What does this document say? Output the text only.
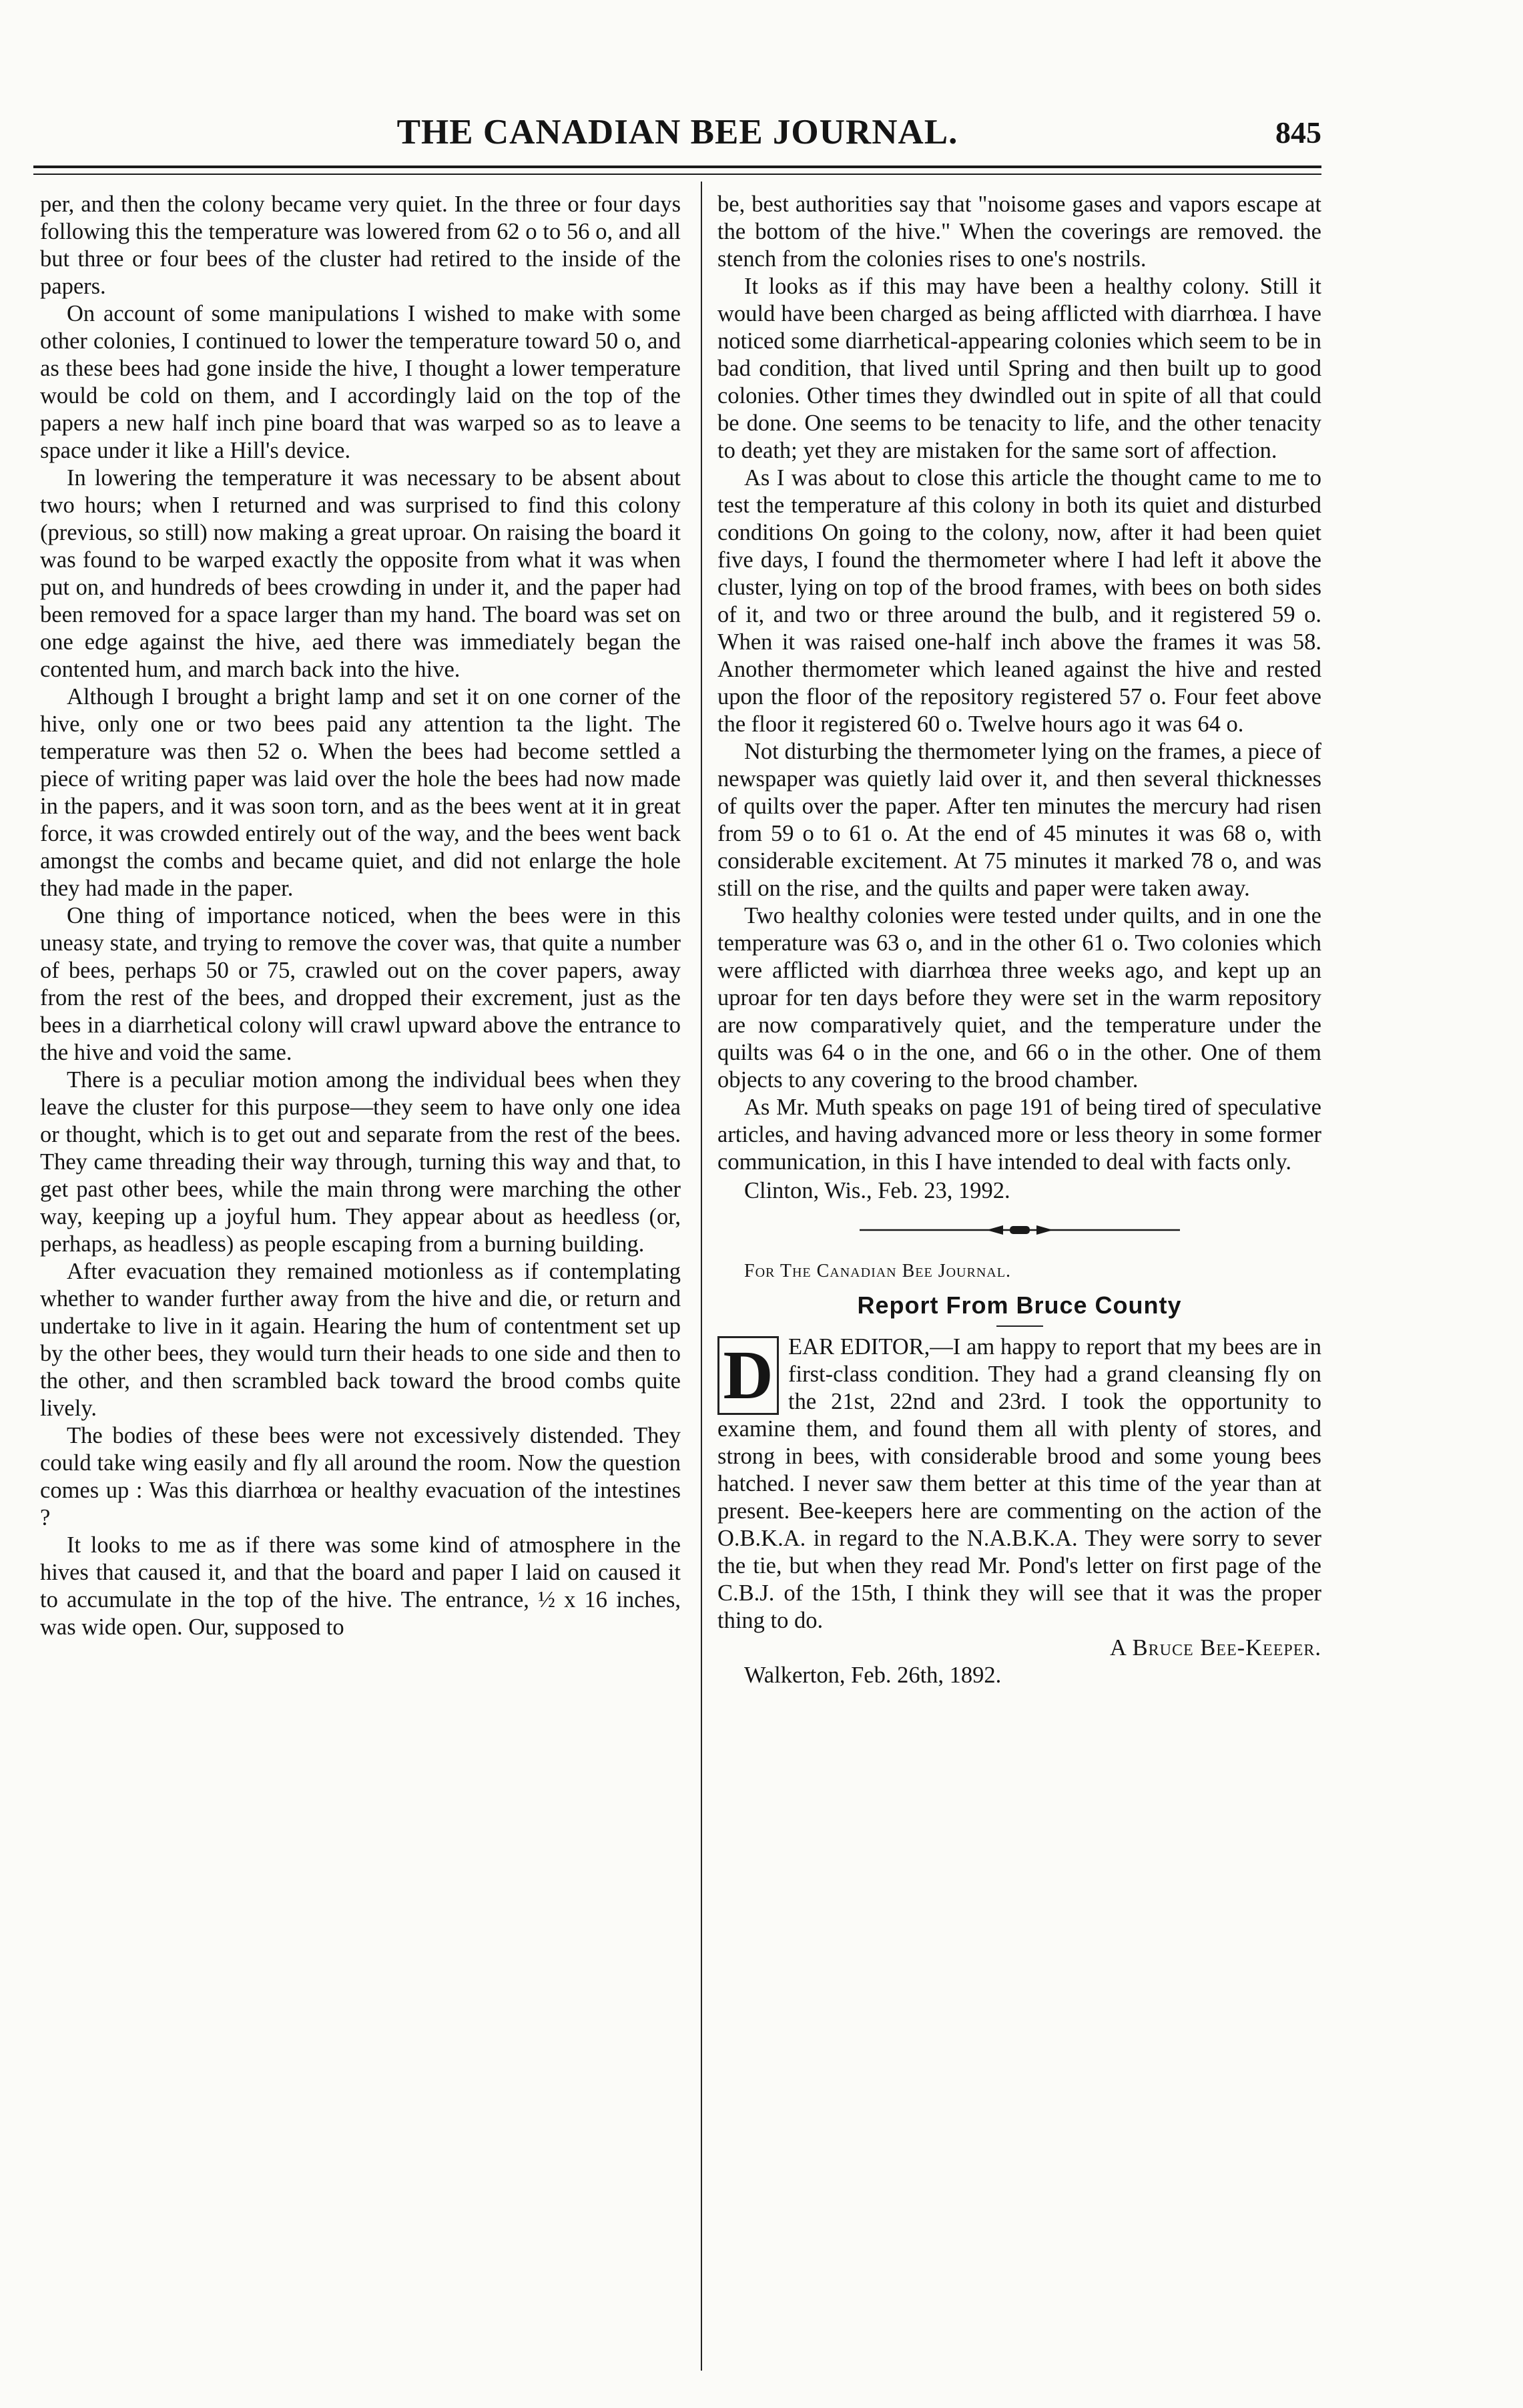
THE CANADIAN BEE JOURNAL.	845

per, and then the colony became very quiet. In the three or four days following this the temperature was lowered from 62 o to 56 o, and all but three or four bees of the cluster had retired to the inside of the papers.

On account of some manipulations I wished to make with some other colonies, I continued to lower the temperature toward 50 o, and as these bees had gone inside the hive, I thought a lower temperature would be cold on them, and I accordingly laid on the top of the papers a new half inch pine board that was warped so as to leave a space under it like a Hill's device.

In lowering the temperature it was necessary to be absent about two hours; when I returned and was surprised to find this colony (previous, so still) now making a great uproar. On raising the board it was found to be warped exactly the opposite from what it was when put on, and hundreds of bees crowding in under it, and the paper had been removed for a space larger than my hand. The board was set on one edge against the hive, aed there was immediately began the contented hum, and march back into the hive.

Although I brought a bright lamp and set it on one corner of the hive, only one or two bees paid any attention ta the light. The temperature was then 52 o. When the bees had become settled a piece of writing paper was laid over the hole the bees had now made in the papers, and it was soon torn, and as the bees went at it in great force, it was crowded entirely out of the way, and the bees went back amongst the combs and became quiet, and did not enlarge the hole they had made in the paper.

One thing of importance noticed, when the bees were in this uneasy state, and trying to remove the cover was, that quite a number of bees, perhaps 50 or 75, crawled out on the cover papers, away from the rest of the bees, and dropped their excrement, just as the bees in a diarrhetical colony will crawl upward above the entrance to the hive and void the same.

There is a peculiar motion among the individual bees when they leave the cluster for this purpose—they seem to have only one idea or thought, which is to get out and separate from the rest of the bees. They came threading their way through, turning this way and that, to get past other bees, while the main throng were marching the other way, keeping up a joyful hum. They appear about as heedless (or, perhaps, as headless) as people escaping from a burning building.

After evacuation they remained motionless as if contemplating whether to wander further away from the hive and die, or return and undertake to live in it again. Hearing the hum of contentment set up by the other bees, they would turn their heads to one side and then to the other, and then scrambled back toward the brood combs quite lively.

The bodies of these bees were not excessively distended. They could take wing easily and fly all around the room. Now the question comes up : Was this diarrhœa or healthy evacuation of the intestines ?

It looks to me as if there was some kind of atmosphere in the hives that caused it, and that the board and paper I laid on caused it to accumulate in the top of the hive. The entrance, ½ x 16 inches, was wide open. Our, supposed to

be, best authorities say that "noisome gases and vapors escape at the bottom of the hive." When the coverings are removed. the stench from the colonies rises to one's nostrils.

It looks as if this may have been a healthy colony. Still it would have been charged as being afflicted with diarrhœa. I have noticed some diarrhetical-appearing colonies which seem to be in bad condition, that lived until Spring and then built up to good colonies. Other times they dwindled out in spite of all that could be done. One seems to be tenacity to life, and the other tenacity to death; yet they are mistaken for the same sort of affection.

As I was about to close this article the thought came to me to test the temperature af this colony in both its quiet and disturbed conditions On going to the colony, now, after it had been quiet five days, I found the thermometer where I had left it above the cluster, lying on top of the brood frames, with bees on both sides of it, and two or three around the bulb, and it registered 59 o. When it was raised one-half inch above the frames it was 58. Another thermometer which leaned against the hive and rested upon the floor of the repository registered 57 o. Four feet above the floor it registered 60 o. Twelve hours ago it was 64 o.

Not disturbing the thermometer lying on the frames, a piece of newspaper was quietly laid over it, and then several thicknesses of quilts over the paper. After ten minutes the mercury had risen from 59 o to 61 o. At the end of 45 minutes it was 68 o, with considerable excitement. At 75 minutes it marked 78 o, and was still on the rise, and the quilts and paper were taken away.

Two healthy colonies were tested under quilts, and in one the temperature was 63 o, and in the other 61 o. Two colonies which were afflicted with diarrhœa three weeks ago, and kept up an uproar for ten days before they were set in the warm repository are now comparatively quiet, and the temperature under the quilts was 64 o in the one, and 66 o in the other. One of them objects to any covering to the brood chamber.

As Mr. Muth speaks on page 191 of being tired of speculative articles, and having advanced more or less theory in some former communication, in this I have intended to deal with facts only.

Clinton, Wis., Feb. 23, 1992.

For The Canadian Bee Journal.

Report From Bruce County
D EAR EDITOR,—I am happy to report that my bees are in first-class condition. They had a grand cleansing fly on the 21st, 22nd and 23rd. I took the opportunity to examine them, and found them all with plenty of stores, and strong in bees, with considerable brood and some young bees hatched. I never saw them better at this time of the year than at present. Bee-keepers here are commenting on the action of the O.B.K.A. in regard to the N.A.B.K.A. They were sorry to sever the tie, but when they read Mr. Pond's letter on first page of the C.B.J. of the 15th, I think they will see that it was the proper thing to do.

A Bruce Bee-Keeper.

Walkerton, Feb. 26th, 1892.
